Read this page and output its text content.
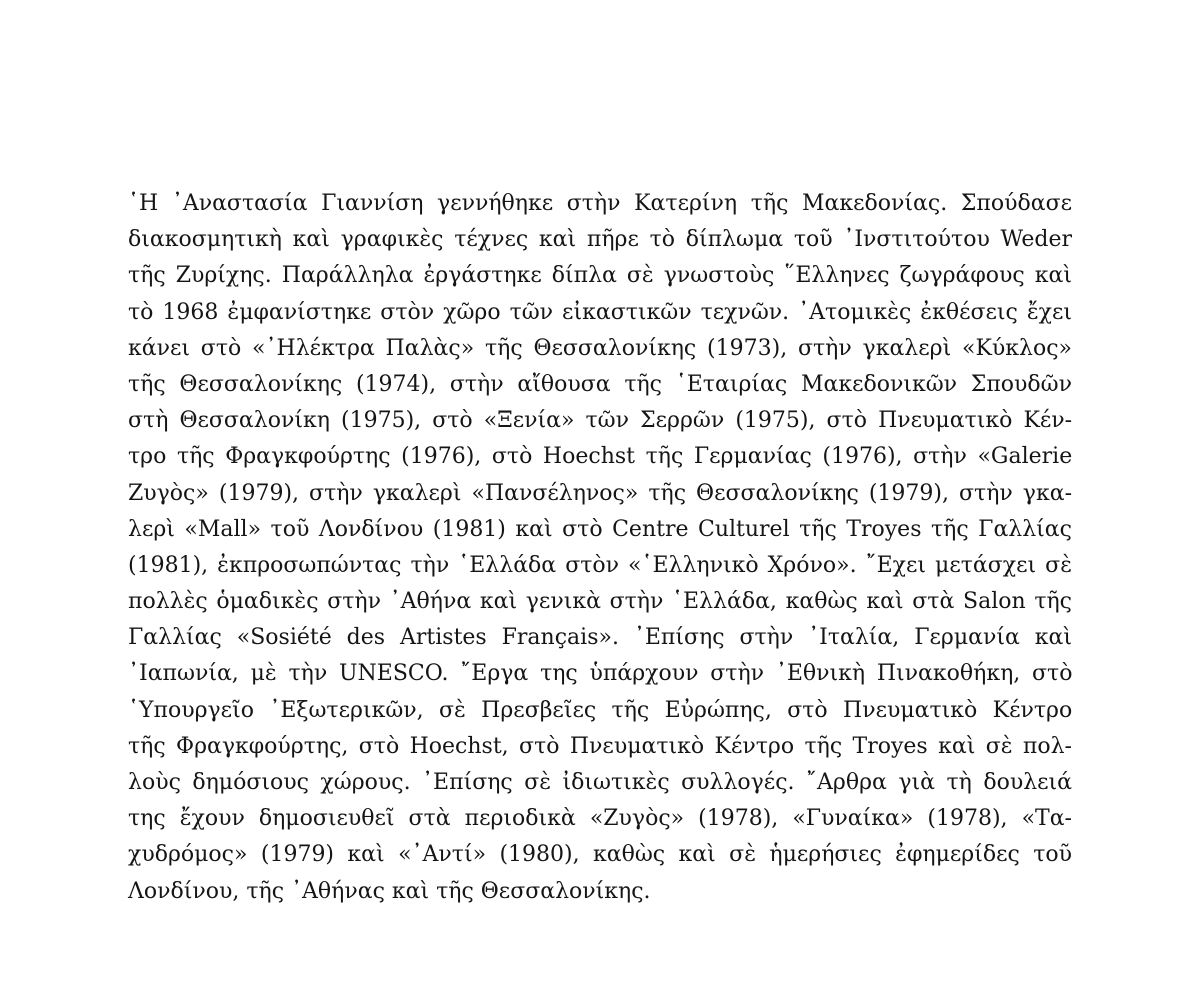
῾Η ᾿Αναστασία Γιαννίση γεννήθηκε στὴν Κατερίνη τῆς Μακεδονίας. Σπούδασε
διακοσμητικὴ καὶ γραφικὲς τέχνες καὶ πῆρε τὸ δίπλωμα τοῦ ᾿Ινστιτούτου Weder
τῆς Ζυρίχης. Παράλληλα ἐργάστηκε δίπλα σὲ γνωστοὺς ῞Ελληνες ζωγράφους καὶ
τὸ 1968 ἐμφανίστηκε στὸν χῶρο τῶν εἰκαστικῶν τεχνῶν. ᾿Ατομικὲς ἐκθέσεις ἔχει
κάνει στὸ «᾿Ηλέκτρα Παλὰς» τῆς Θεσσαλονίκης (1973), στὴν γκαλερὶ «Κύκλος»
τῆς Θεσσαλονίκης (1974), στὴν αἴθουσα τῆς ῾Εταιρίας Μακεδονικῶν Σπουδῶν
στὴ Θεσσαλονίκη (1975), στὸ «Ξενία» τῶν Σερρῶν (1975), στὸ Πνευματικὸ Κέν-
τρο τῆς Φραγκφούρτης (1976), στὸ Hoechst τῆς Γερμανίας (1976), στὴν «Galerie
Ζυγὸς» (1979), στὴν γκαλερὶ «Πανσέληνος» τῆς Θεσσαλονίκης (1979), στὴν γκα-
λερὶ «Mall» τοῦ Λονδίνου (1981) καὶ στὸ Centre Culturel τῆς Troyes τῆς Γαλλίας
(1981), ἐκπροσωπώντας τὴν ῾Ελλάδα στὸν «῾Ελληνικὸ Χρόνο». ῎Εχει μετάσχει σὲ
πολλὲς ὁμαδικὲς στὴν ᾿Αθήνα καὶ γενικὰ στὴν ῾Ελλάδα, καθὼς καὶ στὰ Salon τῆς
Γαλλίας «Sosiété des Artistes Français». ᾿Επίσης στὴν ᾿Ιταλία, Γερμανία καὶ
᾿Ιαπωνία, μὲ τὴν UNESCO. ῎Εργα της ὑπάρχουν στὴν ᾿Εθνικὴ Πινακοθήκη, στὸ
῾Υπουργεῖο ᾿Εξωτερικῶν, σὲ Πρεσβεῖες τῆς Εὐρώπης, στὸ Πνευματικὸ Κέντρο
τῆς Φραγκφούρτης, στὸ Hoechst, στὸ Πνευματικὸ Κέντρο τῆς Troyes καὶ σὲ πολ-
λοὺς δημόσιους χώρους. ᾿Επίσης σὲ ἰδιωτικὲς συλλογές. ῎Αρθρα γιὰ τὴ δουλειά
της ἔχουν δημοσιευθεῖ στὰ περιοδικὰ «Ζυγὸς» (1978), «Γυναίκα» (1978), «Τα-
χυδρόμος» (1979) καὶ «᾿Αντί» (1980), καθὼς καὶ σὲ ἡμερήσιες ἐφημερίδες τοῦ
Λονδίνου, τῆς ᾿Αθήνας καὶ τῆς Θεσσαλονίκης.
